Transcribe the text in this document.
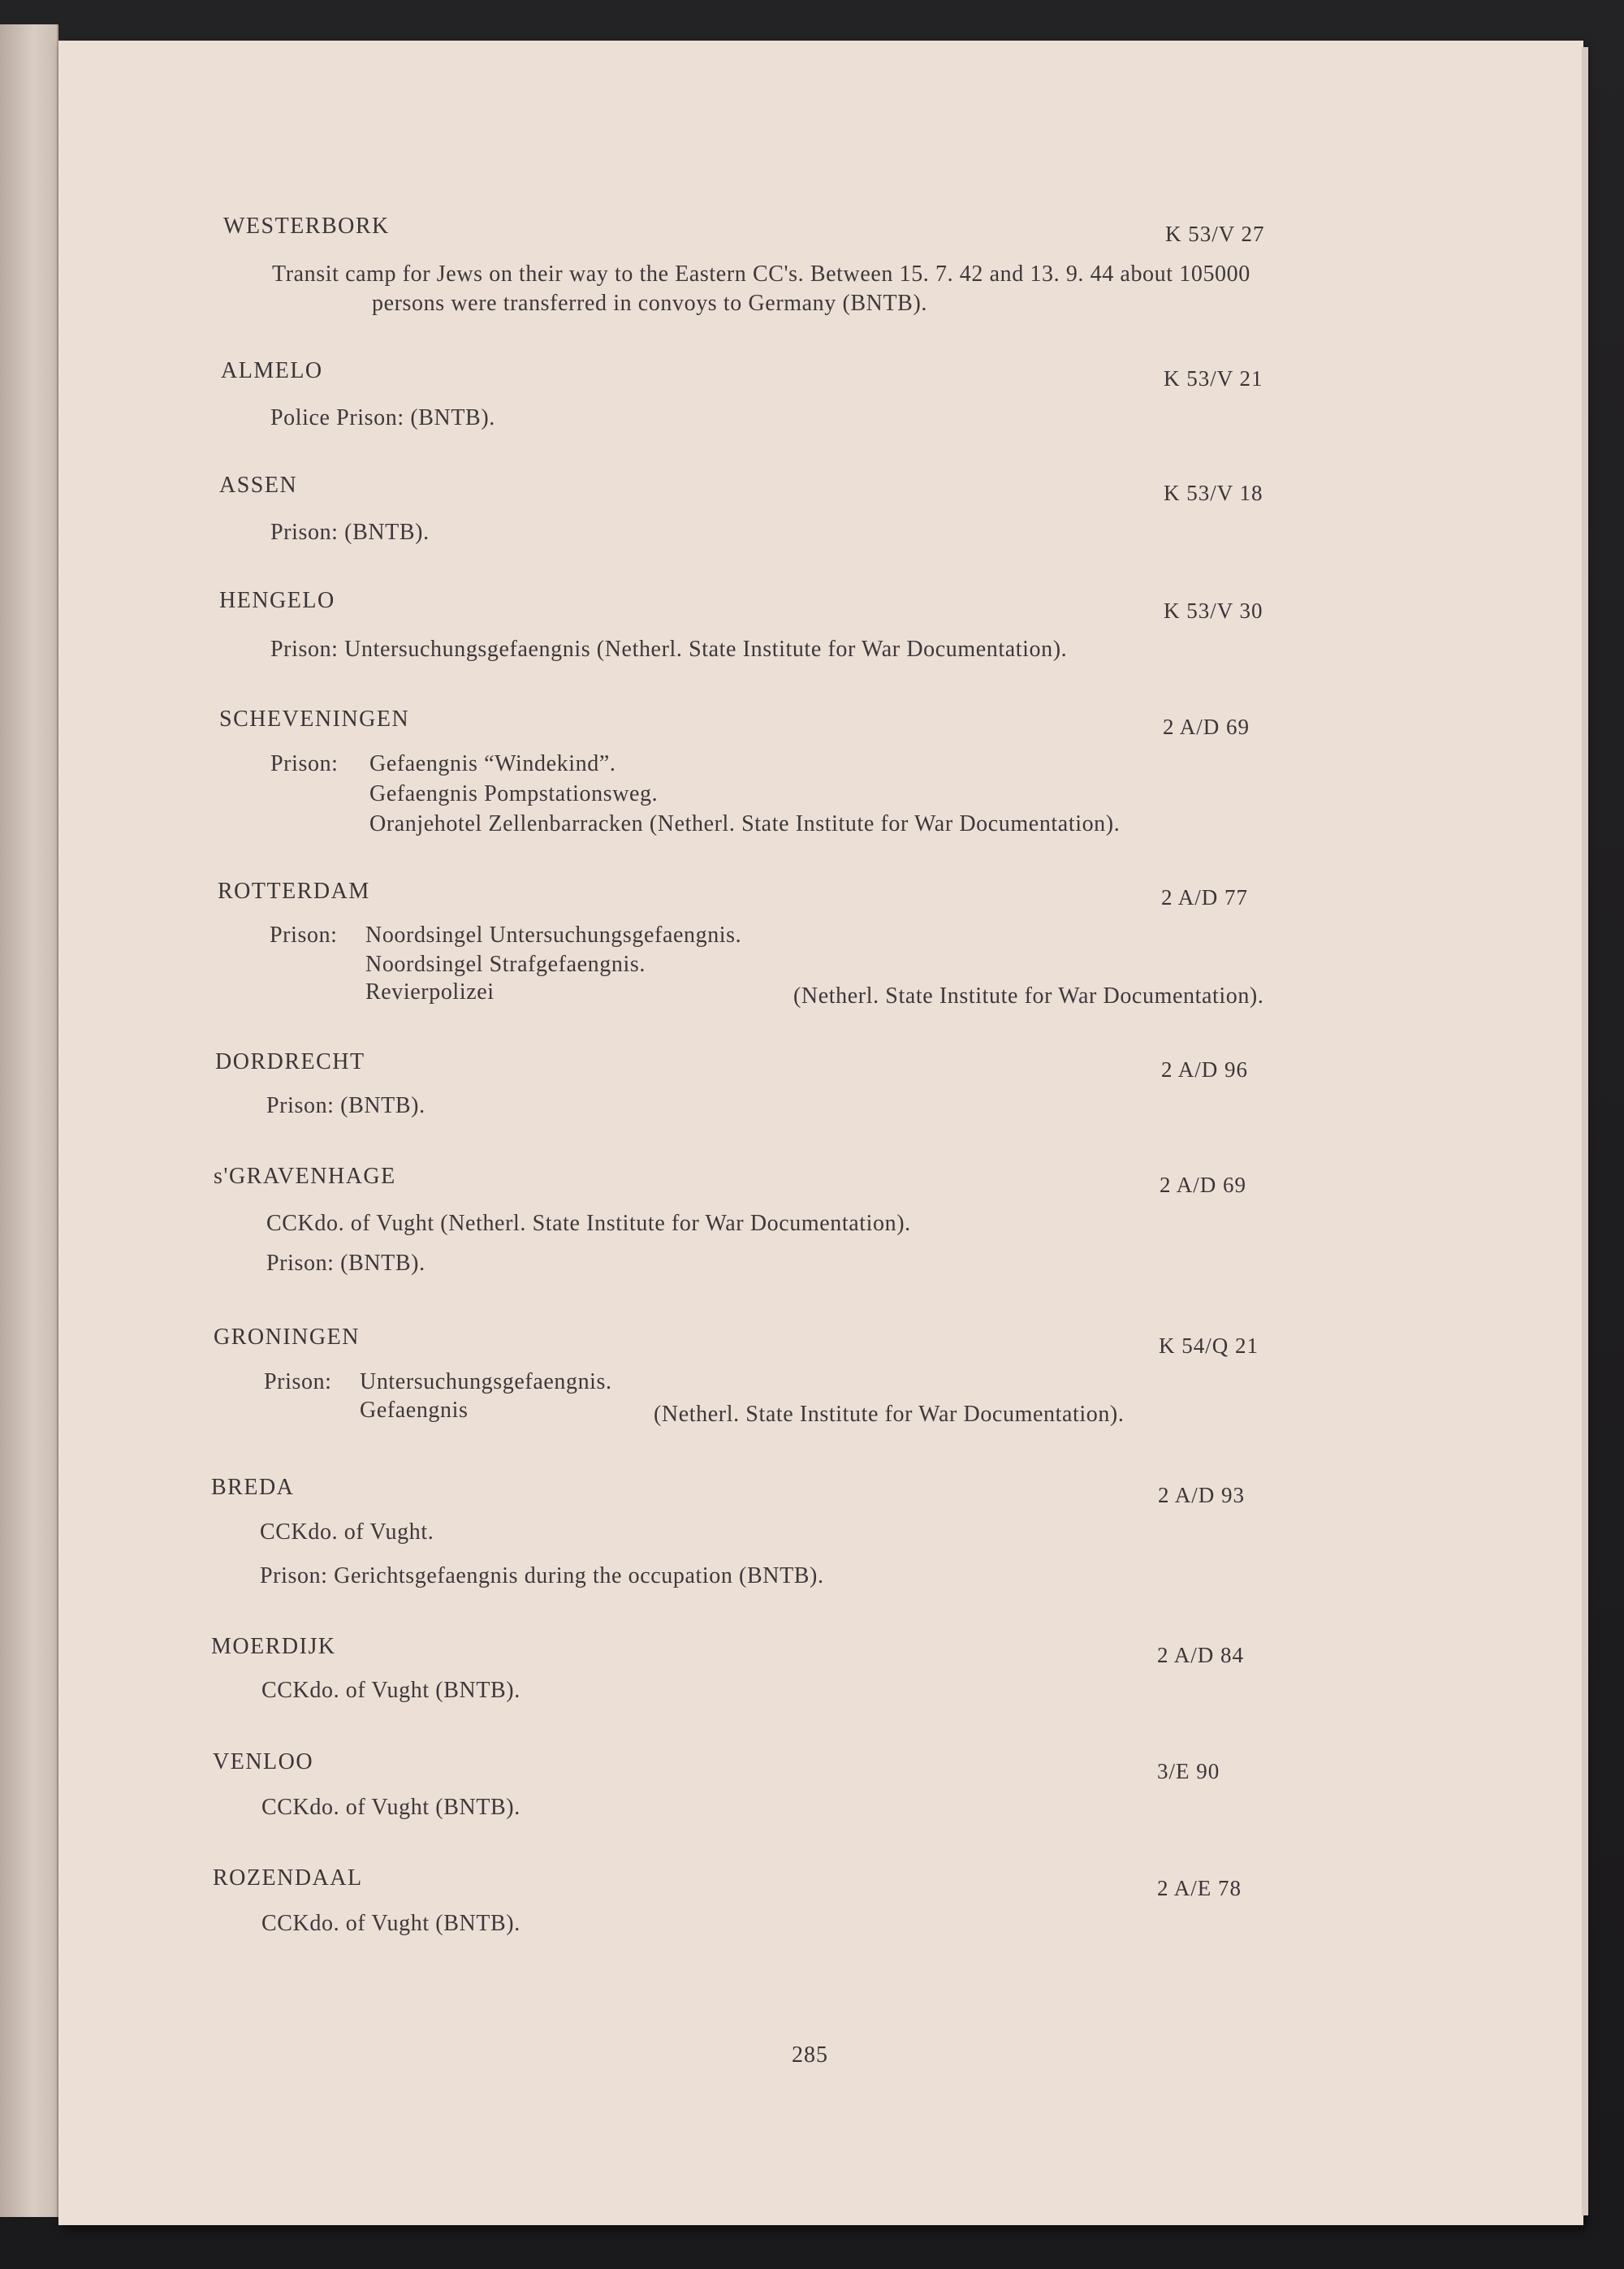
WESTERBORK	K 53/V 27
Transit camp for Jews on their way to the Eastern CC's. Between 15. 7. 42 and 13. 9. 44 about 105000
persons were transferred in convoys to Germany (BNTB).
ALMELO	K 53/V 21
Police Prison: (BNTB).
ASSEN	K 53/V 18
Prison: (BNTB).
HENGELO	K 53/V 30
Prison: Untersuchungsgefaengnis (Netherl. State Institute for War Documentation).
SCHEVENINGEN	2 A/D 69
Prison: Gefaengnis “Windekind”.
Gefaengnis Pompstationsweg.
Oranjehotel Zellenbarracken (Netherl. State Institute for War Documentation).
ROTTERDAM	2 A/D 77
Prison: Noordsingel Untersuchungsgefaengnis.
Noordsingel Strafgefaengnis.
Revierpolizei	(Netherl. State Institute for War Documentation).
DORDRECHT	2 A/D 96
Prison: (BNTB).
s'GRAVENHAGE	2 A/D 69
CCKdo. of Vught (Netherl. State Institute for War Documentation).
Prison: (BNTB).
GRONINGEN	K 54/Q 21
Prison: Untersuchungsgefaengnis.
Gefaengnis	(Netherl. State Institute for War Documentation).
BREDA	2 A/D 93
CCKdo. of Vught.
Prison: Gerichtsgefaengnis during the occupation (BNTB).
MOERDIJK	2 A/D 84
CCKdo. of Vught (BNTB).
VENLOO	3/E 90
CCKdo. of Vught (BNTB).
ROZENDAAL	2 A/E 78
CCKdo. of Vught (BNTB).
285
